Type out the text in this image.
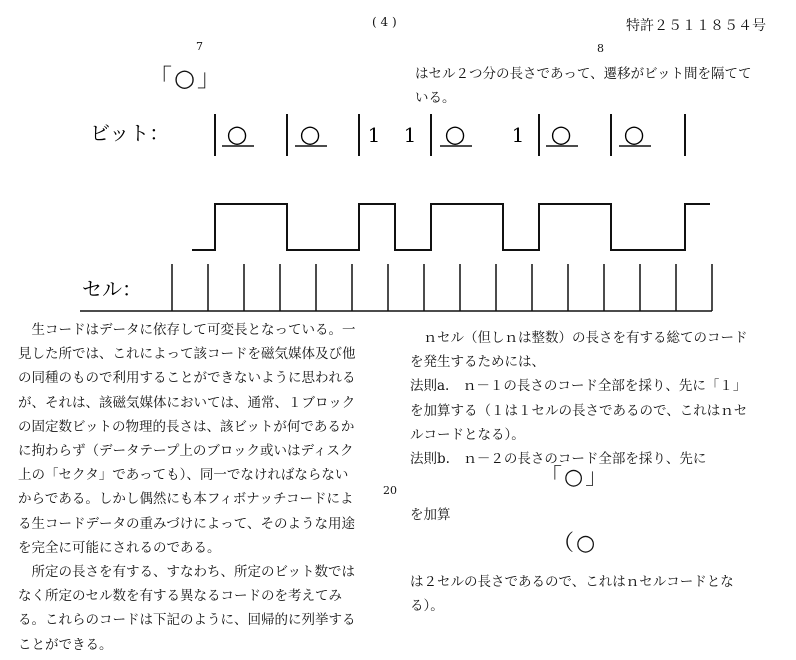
( 4 )	特許２５１１８５４号
7	8
「○」	はセル２つ分の長さであって、遷移がビット間を隔てて

いる。

ビット： ○ ○ 1 1 ○ 1 ○ ○
セル：

　生コードはデータに依存して可変長となっている。一

見した所では、これによって該コードを磁気媒体及び他

の同種のもので利用することができないように思われる

が、それは、該磁気媒体においては、通常、１ブロック

の固定数ビットの物理的長さは、該ビットが何であるか

に拘わらず（データテープ上のブロック或いはディスク

上の「セクタ」であっても）、同一でなければならない

からである。しかし偶然にも本フィボナッチコードによ

る生コードデータの重みづけによって、そのような用途

を完全に可能にされるのである。

　所定の長さを有する、すなわち、所定のビット数では

なく所定のセル数を有する異なるコードのを考えてみ

る。これらのコードは下記のように、回帰的に列挙する

ことができる。

20

　ｎセル（但しｎは整数）の長さを有する総てのコード

を発生するためには、

法則a.　ｎ－１の長さのコード全部を採り、先に「１」

を加算する（１は１セルの長さであるので、これはｎセ

ルコードとなる）。

法則b.　ｎ－２の長さのコード全部を採り、先に

「○」
を加算
（○

は２セルの長さであるので、これはｎセルコードとな

る）。
